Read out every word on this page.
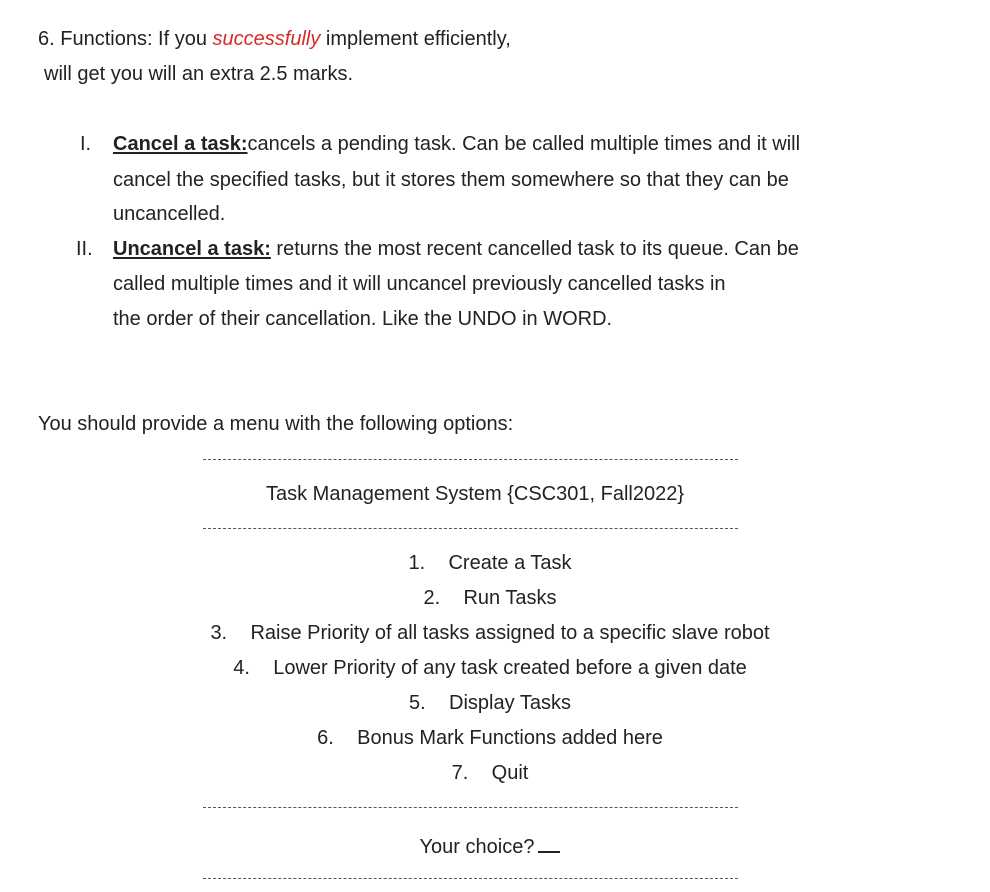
6. Functions: If you successfully implement efficiently,
will get you will an extra 2.5 marks.
I. Cancel a task:cancels a pending task. Can be called multiple times and it will
cancel the specified tasks, but it stores them somewhere so that they can be
uncancelled.
II. Uncancel a task: returns the most recent cancelled task to its queue. Can be
called multiple times and it will uncancel previously cancelled tasks in
the order of their cancellation. Like the UNDO in WORD.
You should provide a menu with the following options:
Task Management System {CSC301, Fall2022}
1. Create a Task
2. Run Tasks
3. Raise Priority of all tasks assigned to a specific slave robot
4. Lower Priority of any task created before a given date
5. Display Tasks
6. Bonus Mark Functions added here
7. Quit
Your choice?
